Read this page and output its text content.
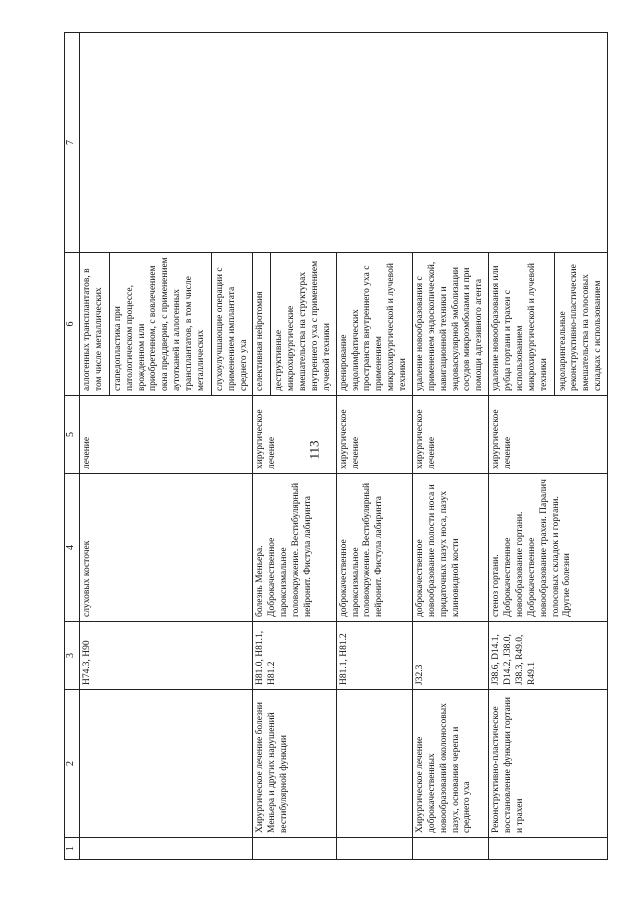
113
1	2	3	4	5	6	7
		H74.3, H90	слуховых косточек	лечение	аллогенных трансплантатов, в том числе металлических стапедопластика при патологическом процессе, врожденном или приобретенном, с вовлечением окна преддверия, с применением аутотканей и аллогенных трансплантатов, в том числе металлических слухоулучшающие операции с применением имплантата среднего уха	

	Хирургическое лечение болезни Меньера и других нарушений вестибулярной функции	H81.0, H81.1, H81.2	болезнь Меньера. Доброкачественное пароксизмальное головокружение. Вестибулярный нейронит. Фистула лабиринта	хирургическое лечение	селективная нейротомия деструктивные микрохирургические вмешательства на структурах внутреннего уха с применением лучевой техники	

		H81.1, H81.2	доброкачественное пароксизмальное головокружение. Вестибулярный нейронит. Фистула лабиринта	хирургическое лечение	дренирование эндолимфатических пространств внутреннего уха с применением микрохирургической и лучевой техники	

	Хирургическое лечение доброкачественных новообразований околоносовых пазух, основания черепа и среднего уха	J32.3	доброкачественное новообразование полости носа и придаточных пазух носа, пазух клиновидной кости	хирургическое лечение	удаление новообразования с применением эндоскопической, навигационной техники и эндоваскулярной эмболизации сосудов микроэмболами и при помощи адгезивного агента	

	Реконструктивно-пластическое восстановление функции гортани и трахеи	J38.6, D14.1, D14.2, J38.0, J38.3, R49.0, R49.1	стеноз гортани. Доброкачественное новообразование гортани. Доброкачественное новообразование трахеи. Паралич голосовых складок и гортани. Другие болезни	хирургическое лечение	удаление новообразования или рубца гортани и трахеи с использованием микрохирургической и лучевой техники эндоларингеальные реконструктивно-пластические вмешательства на голосовых складках с использованием	
